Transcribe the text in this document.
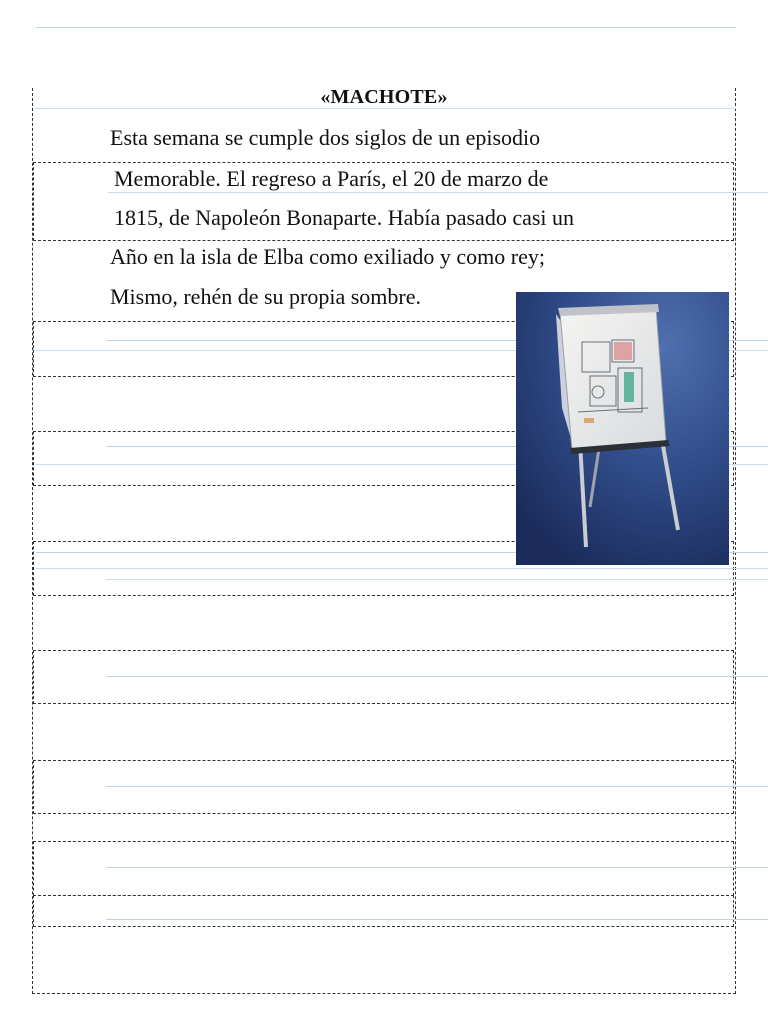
«MACHOTE»
Esta semana se cumple dos siglos de un episodio
Memorable. El regreso a París, el 20 de marzo de
1815, de Napoleón Bonaparte. Había pasado casi un
Año en la isla de Elba como exiliado y como rey;
Mismo, rehén de su propia sombre.
